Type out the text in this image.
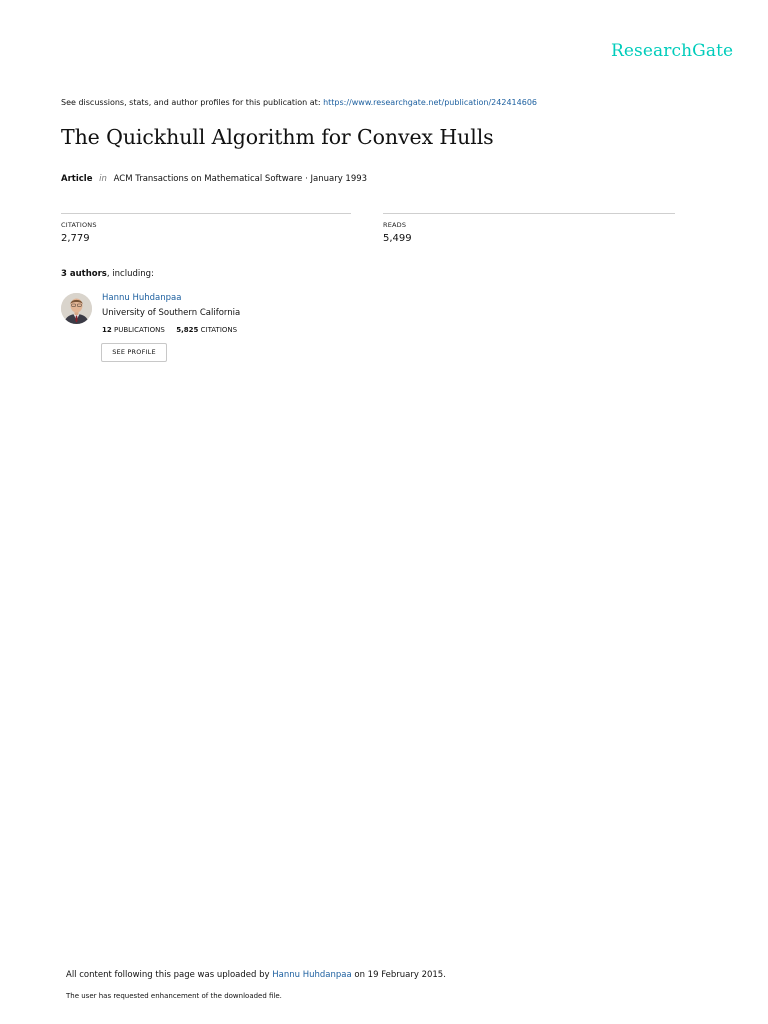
ResearchGate
See discussions, stats, and author profiles for this publication at: https://www.researchgate.net/publication/242414606
The Quickhull Algorithm for Convex Hulls
Article in ACM Transactions on Mathematical Software · January 1993
CITATIONS
2,779
READS
5,499
3 authors, including:
Hannu Huhdanpaa
University of Southern California
12 PUBLICATIONS 5,825 CITATIONS
SEE PROFILE
All content following this page was uploaded by Hannu Huhdanpaa on 19 February 2015.
The user has requested enhancement of the downloaded file.
